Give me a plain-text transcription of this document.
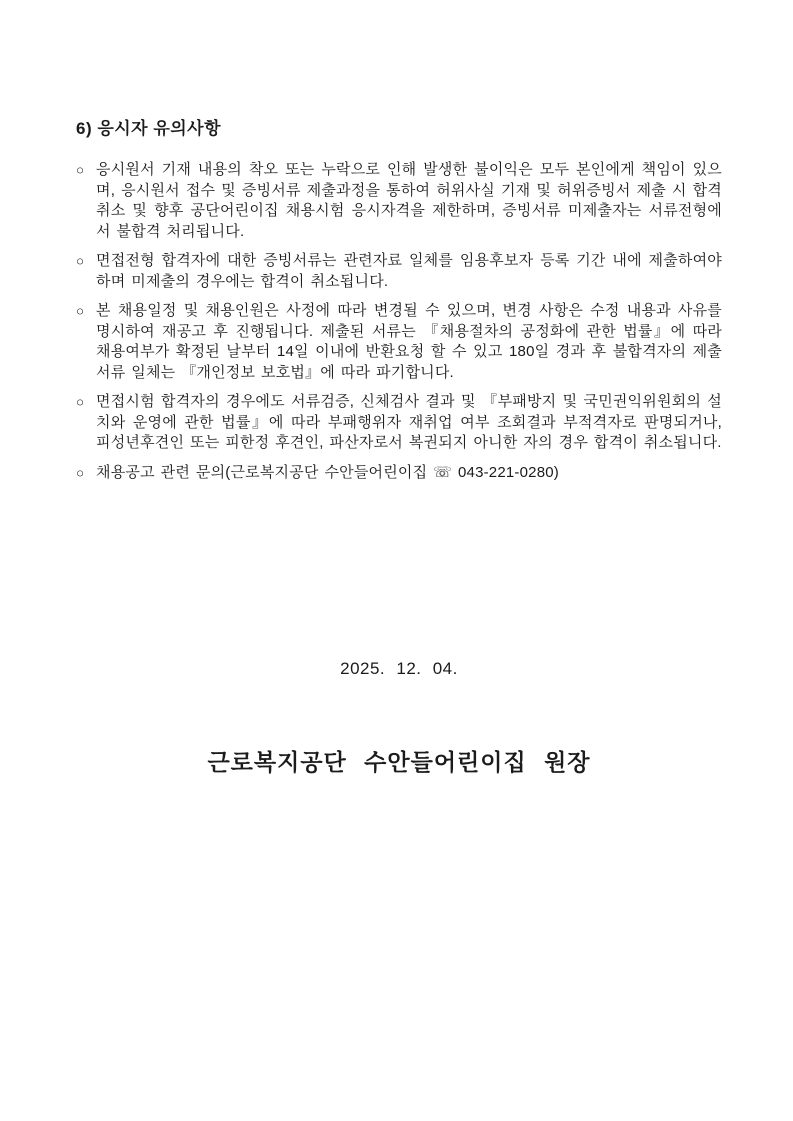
6) 응시자 유의사항
○ 응시원서 기재 내용의 착오 또는 누락으로 인해 발생한 불이익은 모두 본인에게 책임이 있으며, 응시원서 접수 및 증빙서류 제출과정을 통하여 허위사실 기재 및 허위증빙서 제출 시 합격취소 및 향후 공단어린이집 채용시험 응시자격을 제한하며, 증빙서류 미제출자는 서류전형에서 불합격 처리됩니다.

○ 면접전형 합격자에 대한 증빙서류는 관련자료 일체를 임용후보자 등록 기간 내에 제출하여야 하며 미제출의 경우에는 합격이 취소됩니다.

○ 본 채용일정 및 채용인원은 사정에 따라 변경될 수 있으며, 변경 사항은 수정 내용과 사유를 명시하여 재공고 후 진행됩니다. 제출된 서류는 『채용절차의 공정화에 관한 법률』에 따라 채용여부가 확정된 날부터 14일 이내에 반환요청 할 수 있고 180일 경과 후 불합격자의 제출서류 일체는 『개인정보 보호법』에 따라 파기합니다.

○ 면접시험 합격자의 경우에도 서류검증, 신체검사 결과 및 『부패방지 및 국민권익위원회의 설치와 운영에 관한 법률』에 따라 부패행위자 재취업 여부 조회결과 부적격자로 판명되거나, 피성년후견인 또는 피한정 후견인, 파산자로서 복권되지 아니한 자의 경우 합격이 취소됩니다.

○ 채용공고 관련 문의(근로복지공단 수안들어린이집 ☏ 043-221-0280)

2025. 12. 04.
근로복지공단 수안들어린이집 원장
